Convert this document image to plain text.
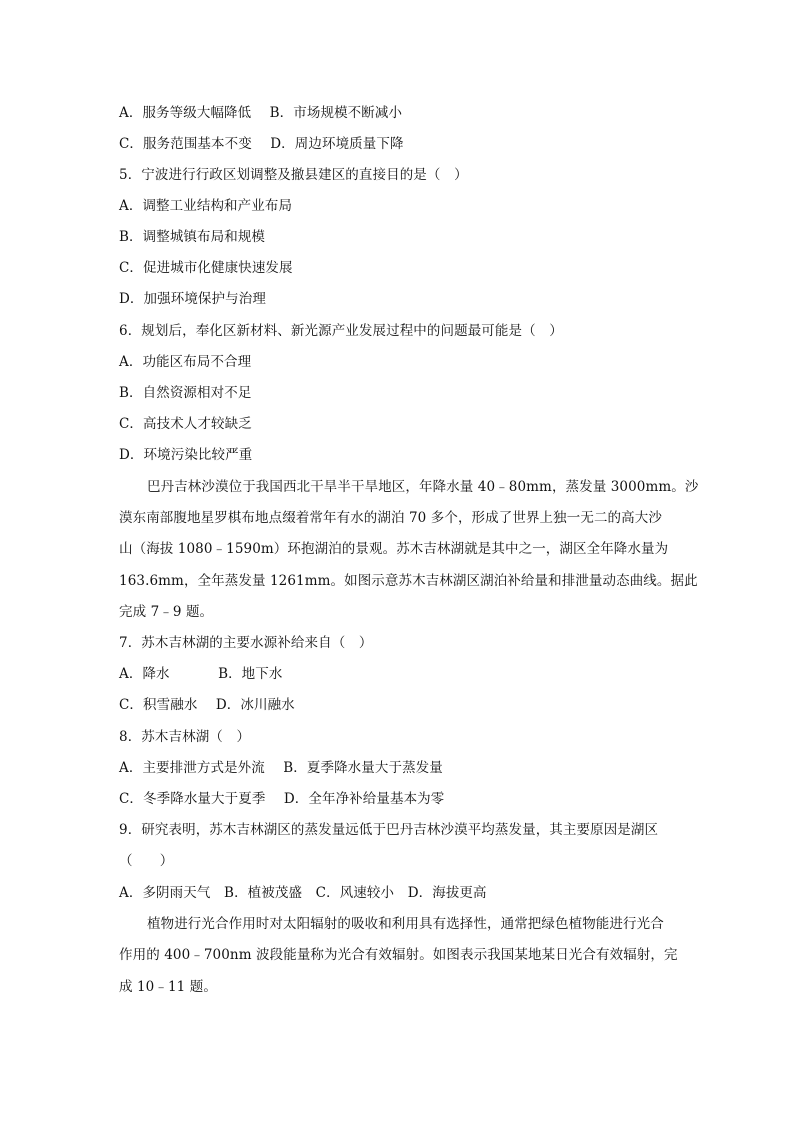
A．服务等级大幅降低 B．市场规模不断减小
C．服务范围基本不变 D．周边环境质量下降
5．宁波进行行政区划调整及撤县建区的直接目的是（　）
A．调整工业结构和产业布局
B．调整城镇布局和规模
C．促进城市化健康快速发展
D．加强环境保护与治理
6．规划后，奉化区新材料、新光源产业发展过程中的问题最可能是（　）
A．功能区布局不合理
B．自然资源相对不足
C．高技术人才较缺乏
D．环境污染比较严重
巴丹吉林沙漠位于我国西北干旱半干旱地区，年降水量 40﹣80mm，蒸发量 3000mm。沙
漠东南部腹地星罗棋布地点缀着常年有水的湖泊 70 多个，形成了世界上独一无二的高大沙
山（海拔 1080﹣1590m）环抱湖泊的景观。苏木吉林湖就是其中之一，湖区全年降水量为
163.6mm，全年蒸发量 1261mm。如图示意苏木吉林湖区湖泊补给量和排泄量动态曲线。据此
完成 7﹣9 题。
7．苏木吉林湖的主要水源补给来自（　）
A．降水	B．地下水
C．积雪融水 D．冰川融水
8．苏木吉林湖（　）
A．主要排泄方式是外流 B．夏季降水量大于蒸发量
C．冬季降水量大于夏季 D．全年净补给量基本为零
9．研究表明，苏木吉林湖区的蒸发量远低于巴丹吉林沙漠平均蒸发量，其主要原因是湖区
（　　）
A．多阴雨天气　B．植被茂盛　C．风速较小　D．海拔更高
植物进行光合作用时对太阳辐射的吸收和利用具有选择性，通常把绿色植物能进行光合
作用的 400﹣700nm 波段能量称为光合有效辐射。如图表示我国某地某日光合有效辐射，完
成 10﹣11 题。
